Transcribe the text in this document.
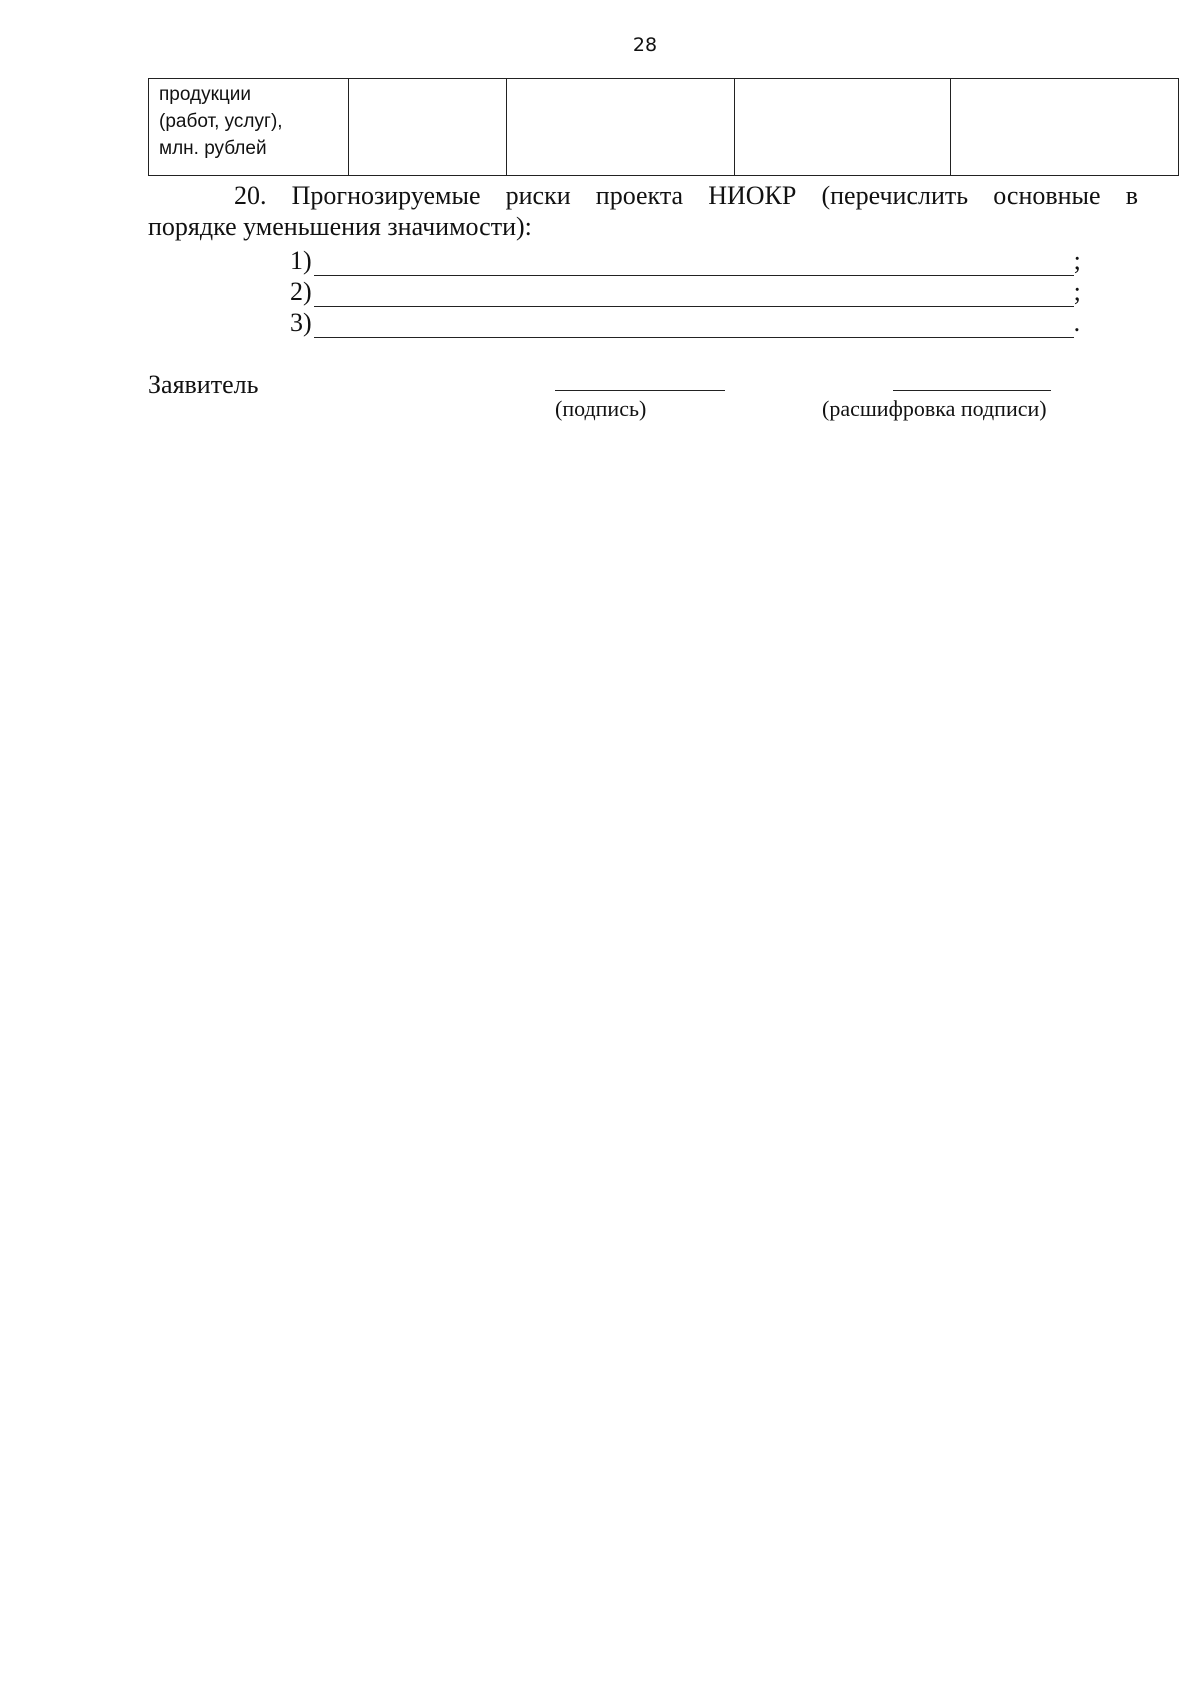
28
продукции
(работ, услуг),
млн. рублей

20. Прогнозируемые риски проекта НИОКР (перечислить основные в
порядке уменьшения значимости):
1)	;
2)	;
3)	.
Заявитель
(подпись)	(расшифровка подписи)
